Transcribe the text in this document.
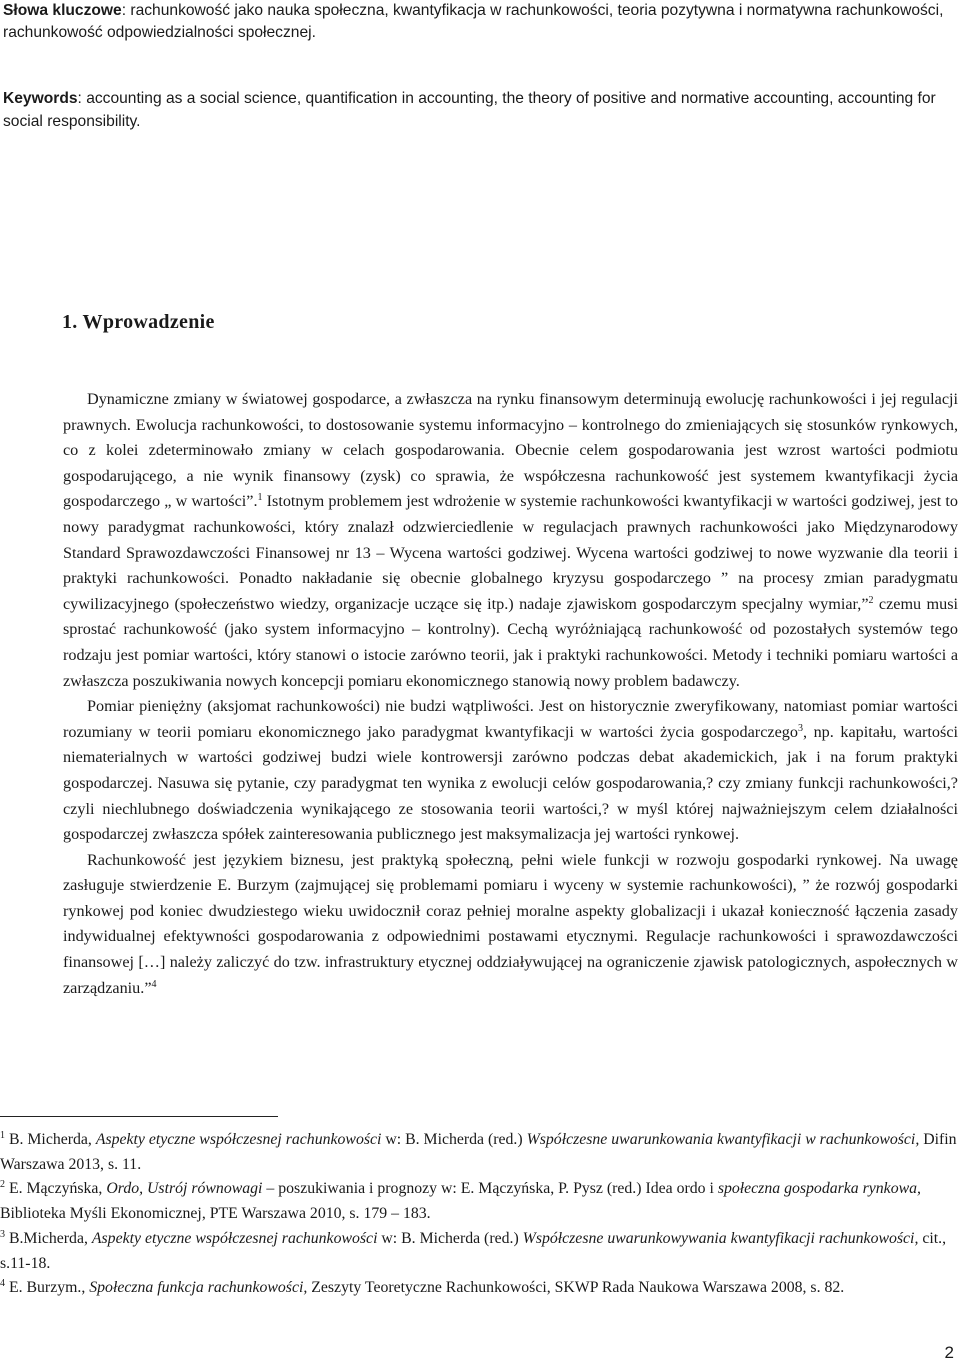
Słowa kluczowe: rachunkowość jako nauka społeczna, kwantyfikacja w rachunkowości, teoria pozytywna i normatywna rachunkowości, rachunkowość odpowiedzialności społecznej.
Keywords: accounting as a social science, quantification in accounting, the theory of positive and normative accounting, accounting for social responsibility.
1. Wprowadzenie

Dynamiczne zmiany w światowej gospodarce, a zwłaszcza na rynku finansowym determinują ewolucję rachunkowości i jej regulacji prawnych. Ewolucja rachunkowości, to dostosowanie systemu informacyjno – kontrolnego do zmieniających się stosunków rynkowych, co z kolei zdeterminowało zmiany w celach gospodarowania. Obecnie celem gospodarowania jest wzrost wartości podmiotu gospodarującego, a nie wynik finansowy (zysk) co sprawia, że współczesna rachunkowość jest systemem kwantyfikacji życia gospodarczego „ w wartości”.$^1$ Istotnym problemem jest wdrożenie w systemie rachunkowości kwantyfikacji w wartości godziwej, jest to nowy paradygmat rachunkowości, który znalazł odzwierciedlenie w regulacjach prawnych rachunkowości jako Międzynarodowy Standard Sprawozdawczości Finansowej nr 13 – Wycena wartości godziwej. Wycena wartości godziwej to nowe wyzwanie dla teorii i praktyki rachunkowości. Ponadto nakładanie się obecnie globalnego kryzysu gospodarczego ” na procesy zmian paradygmatu cywilizacyjnego (społeczeństwo wiedzy, organizacje uczące się itp.) nadaje zjawiskom gospodarczym specjalny wymiar,”$^2$ czemu musi sprostać rachunkowość (jako system informacyjno – kontrolny). Cechą wyróżniającą rachunkowość od pozostałych systemów tego rodzaju jest pomiar wartości, który stanowi o istocie zarówno teorii, jak i praktyki rachunkowości. Metody i techniki pomiaru wartości a zwłaszcza poszukiwania nowych koncepcji pomiaru ekonomicznego stanowią nowy problem badawczy.

Pomiar pieniężny (aksjomat rachunkowości) nie budzi wątpliwości. Jest on historycznie zweryfikowany, natomiast pomiar wartości rozumiany w teorii pomiaru ekonomicznego jako paradygmat kwantyfikacji w wartości życia gospodarczego$^3$, np. kapitału, wartości niematerialnych w wartości godziwej budzi wiele kontrowersji zarówno podczas debat akademickich, jak i na forum praktyki gospodarczej. Nasuwa się pytanie, czy paradygmat ten wynika z ewolucji celów gospodarowania,? czy zmiany funkcji rachunkowości,? czyli niechlubnego doświadczenia wynikającego ze stosowania teorii wartości,? w myśl której najważniejszym celem działalności gospodarczej zwłaszcza spółek zainteresowania publicznego jest maksymalizacja jej wartości rynkowej.

Rachunkowość jest językiem biznesu, jest praktyką społeczną, pełni wiele funkcji w rozwoju gospodarki rynkowej. Na uwagę zasługuje stwierdzenie E. Burzym (zajmującej się problemami pomiaru i wyceny w systemie rachunkowości), ” że rozwój gospodarki rynkowej pod koniec dwudziestego wieku uwidocznił coraz pełniej moralne aspekty globalizacji i ukazał konieczność łączenia zasady indywidualnej efektywności gospodarowania z odpowiednimi postawami etycznymi. Regulacje rachunkowości i sprawozdawczości finansowej […] należy zaliczyć do tzw. infrastruktury etycznej oddziaływującej na ograniczenie zjawisk patologicznych, aspołecznych w zarządzaniu.”$^4$

$^1$ B. Micherda, Aspekty etyczne współczesnej rachunkowości w: B. Micherda (red.) Współczesne uwarunkowania kwantyfikacji w rachunkowości, Difin Warszawa 2013, s. 11.

$^2$ E. Mączyńska, Ordo, Ustrój równowagi – poszukiwania i prognozy w: E. Mączyńska, P. Pysz (red.) Idea ordo i społeczna gospodarka rynkowa, Biblioteka Myśli Ekonomicznej, PTE Warszawa 2010, s. 179 – 183.

$^3$ B.Micherda, Aspekty etyczne współczesnej rachunkowości w: B. Micherda (red.) Współczesne uwarunkowywania kwantyfikacji rachunkowości, cit., s.11-18.

$^4$ E. Burzym., Społeczna funkcja rachunkowości, Zeszyty Teoretyczne Rachunkowości, SKWP Rada Naukowa Warszawa 2008, s. 82.

2
